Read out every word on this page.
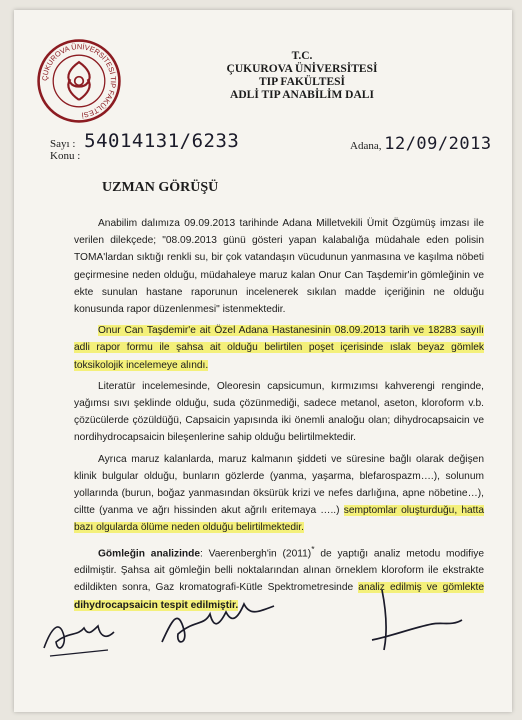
ÇUKUROVA ÜNİVERSİTESİ TIP FAKÜLTESİ
T.C.
ÇUKUROVA ÜNİVERSİTESİ
TIP FAKÜLTESİ
ADLİ TIP ANABİLİM DALI
Sayı : 54014131/6233
Konu :
Adana, 12/09/2013
UZMAN GÖRÜŞÜ

Anabilim dalımıza 09.09.2013 tarihinde Adana Milletvekili Ümit Özgümüş imzası ile verilen dilekçede; "08.09.2013 günü gösteri yapan kalabalığa müdahale eden polisin TOMA'lardan sıktığı renkli su, bir çok vatandaşın vücudunun yanmasına ve kaşılma nöbeti geçirmesine neden olduğu, müdahaleye maruz kalan Onur Can Taşdemir'in gömleğinin ve ekte sunulan hastane raporunun incelenerek sıkılan madde içeriğinin ne olduğu konusunda rapor düzenlenmesi" istenmektedir.

Onur Can Taşdemir'e ait Özel Adana Hastanesinin 08.09.2013 tarih ve 18283 sayılı adli rapor formu ile şahsa ait olduğu belirtilen poşet içerisinde ıslak beyaz gömlek toksikolojik incelemeye alındı.

Literatür incelemesinde, Oleoresin capsicumun, kırmızımsı kahverengi renginde, yağımsı sıvı şeklinde olduğu, suda çözünmediği, sadece metanol, aseton, kloroform v.b. çözücülerde çözüldüğü, Capsaicin yapısında iki önemli analoğu olan; dihydrocapsaicin ve nordihydrocapsaicin bileşenlerine sahip olduğu belirtilmektedir.

Ayrıca maruz kalanlarda, maruz kalmanın şiddeti ve süresine bağlı olarak değişen klinik bulgular olduğu, bunların gözlerde (yanma, yaşarma, blefarospazm….), solunum yollarında (burun, boğaz yanmasından öksürük krizi ve nefes darlığına, apne nöbetine…), ciltte (yanma ve ağrı hissinden akut ağrılı eritemaya …..) semptomlar oluşturduğu, hatta bazı olgularda ölüme neden olduğu belirtilmektedir.

Gömleğin analizinde: Vaerenbergh'in (2011)* de yaptığı analiz metodu modifiye edilmiştir. Şahsa ait gömleğin belli noktalarından alınan örneklem kloroform ile ekstrakte edildikten sonra, Gaz kromatografi-Kütle Spektrometresinde analiz edilmiş ve gömlekte dihydrocapsaicin tespit edilmiştir.
